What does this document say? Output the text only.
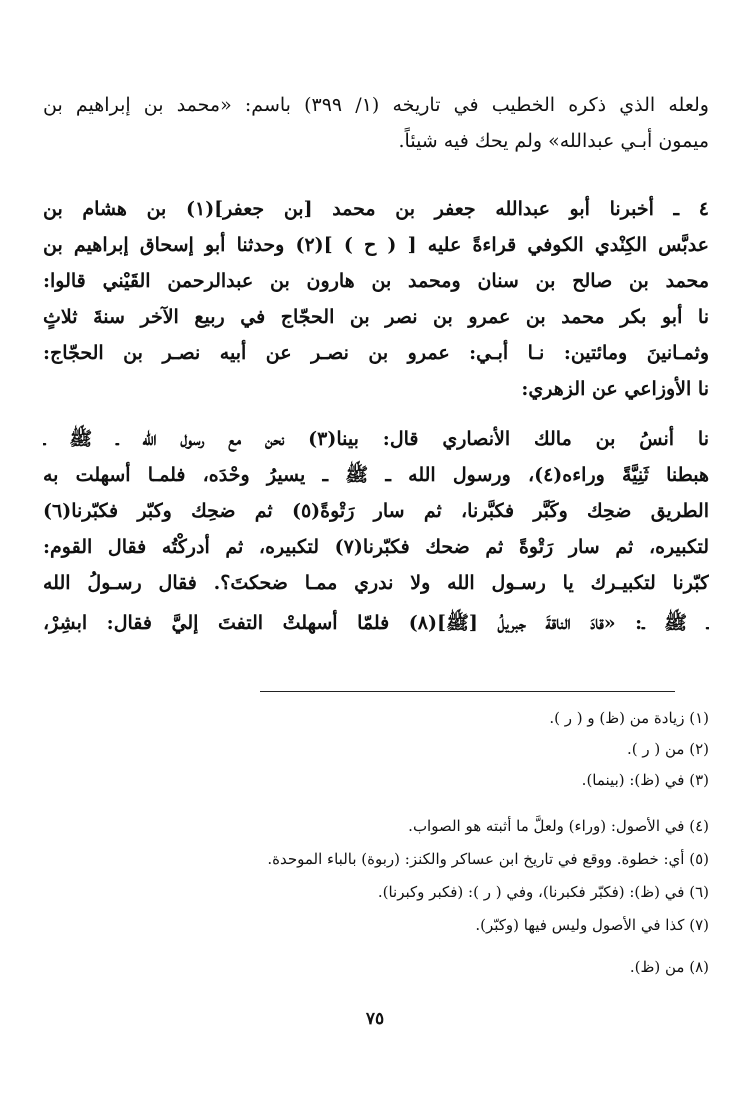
ولعله الذي ذكره الخطيب في تاريخه (١/ ٣٩٩) باسم: «محمد بن إبراهيم بن
ميمون أبـي عبدالله» ولم يحك فيه شيئاً.
٤ ـ أخبرنا أبو عبدالله جعفر بن محمد [بن جعفر](١) بن هشام بن
عدبَّس الكِنْدي الكوفي قراءةً عليه [ ( ح ) ](٢) وحدثنا أبو إسحاق إبراهيم بن
محمد بن صالح بن سنان ومحمد بن هارون بن عبدالرحمن القَيْني قالوا:
نا أبو بكر محمد بن عمرو بن نصر بن الحجّاج في ربيع الآخر سنةَ ثلاثٍ
وثمـانينَ ومائتين: نـا أبـي: عمرو بن نصـر عن أبيه نصـر بن الحجّاج:
نا الأوزاعي عن الزهري:
نا أنسُ بن مالك الأنصاري قال: بينا(٣) نحن مع رسول الله ـ ﷺ ـ
هبطنا ثَنِيَّةً وراءه(٤)، ورسول الله ـ ﷺ ـ يسيرُ وحْدَه، فلمـا أسهلت به
الطريق ضحِك وكَبَّر فكبَّرنا، ثم سار رَتْوةً(٥) ثم ضحِك وكبّر فكبّرنا(٦)
لتكبيره، ثم سار رَتْوةً ثم ضحك فكبّرنا(٧) لتكبيره، ثم أدركْتُه فقال القوم:
كبّرنا لتكبيـرك يا رسـول الله ولا ندري ممـا ضحكتَ؟. فقال رسـولُ الله
ـ ﷺ ـ: «قادَ الناقةَ جبريلُ [ﷺ](٨) فلمّا أسهلتْ التفتَ إليَّ فقال: ابشِرْ،
(١) زيادة من (ظ) و ( ر ).
(٢) من ( ر ).
(٣) في (ظ): (بينما).
(٤) في الأصول: (وراء) ولعلَّ ما أثبته هو الصواب.
(٥) أي: خطوة. ووقع في تاريخ ابن عساكر والكنز: (ربوة) بالباء الموحدة.
(٦) في (ظ): (فكبّر فكبرنا)، وفي ( ر ): (فكبر وكبرنا).
(٧) كذا في الأصول وليس فيها (وكبّر).
(٨) من (ظ).
٧٥
